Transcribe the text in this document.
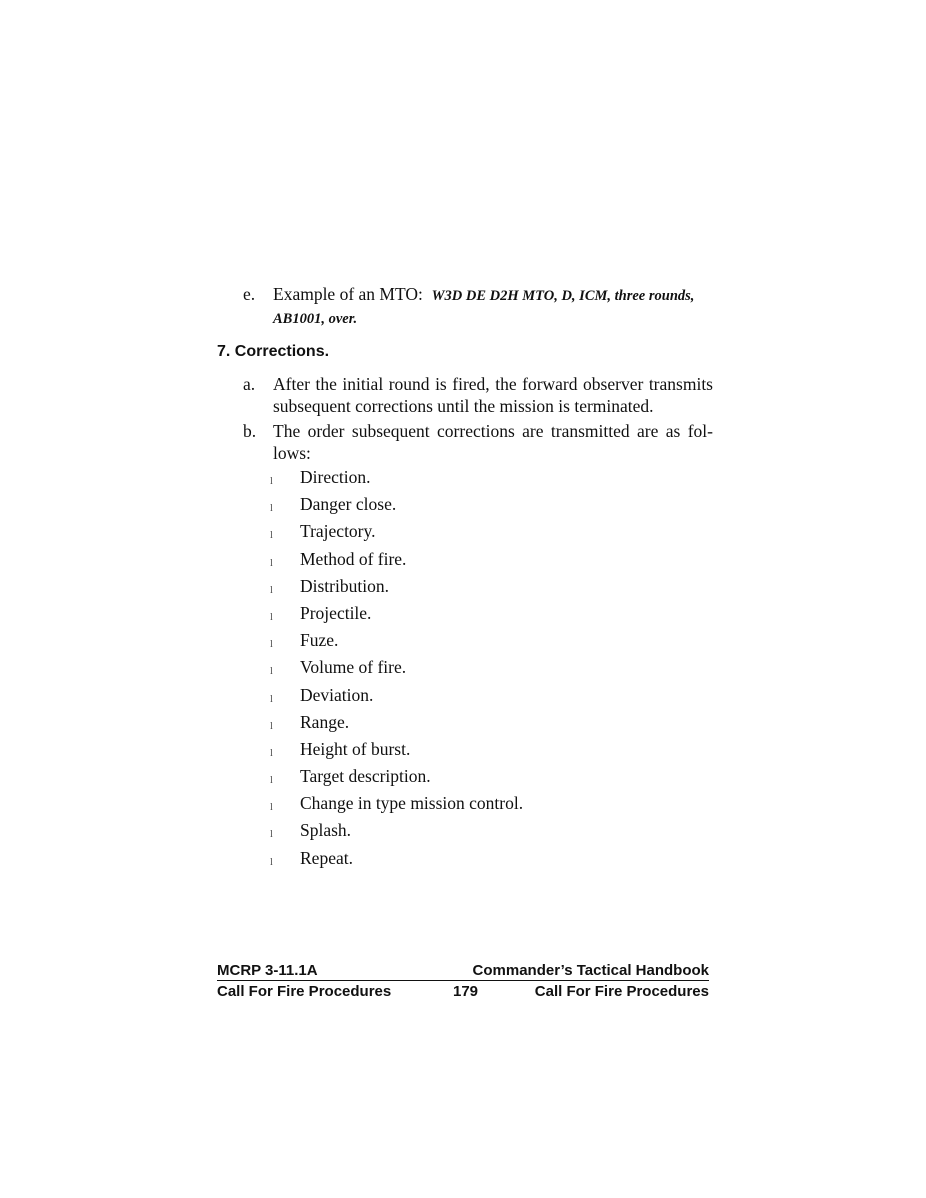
e. Example of an MTO: W3D DE D2H MTO, D, ICM, three rounds,
AB1001, over.
7. Corrections.
a. After the initial round is fired, the forward observer transmits subsequent corrections until the mission is terminated.
b. The order subsequent corrections are transmitted are as fol-lows:
l Direction.
l Danger close.
l Trajectory.
l Method of fire.
l Distribution.
l Projectile.
l Fuze.
l Volume of fire.
l Deviation.
l Range.
l Height of burst.
l Target description.
l Change in type mission control.
l Splash.
l Repeat.
MCRP 3-11.1A	Commander’s Tactical Handbook
Call For Fire Procedures	179	Call For Fire Procedures
